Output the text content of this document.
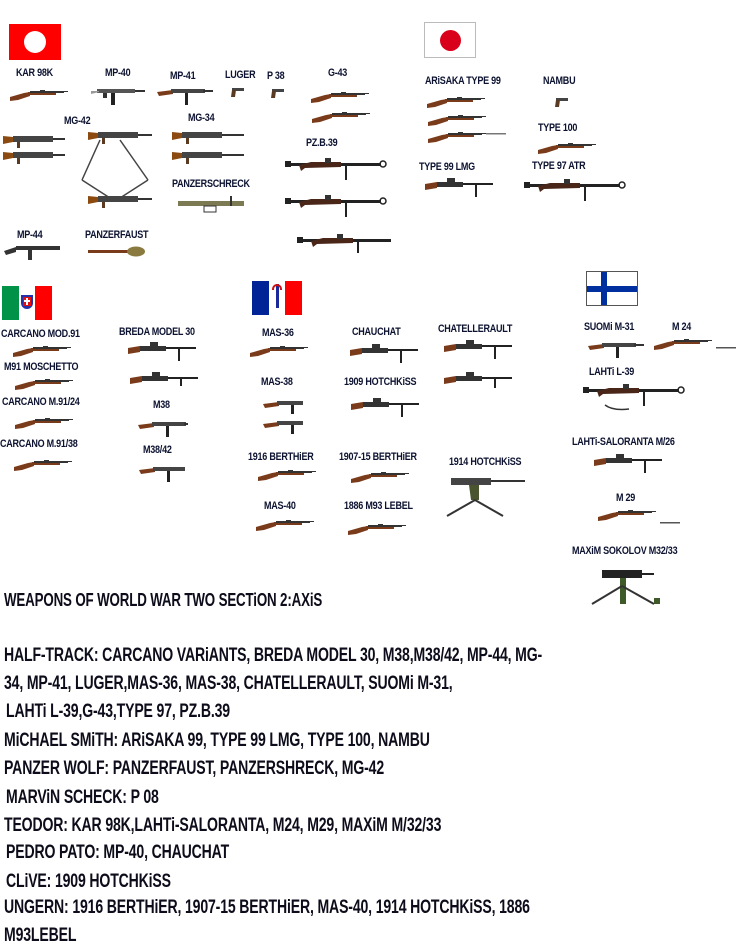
KAR 98K	MP-40	MP-41	LUGER P 38	G-43
MG-42	MG-34
PANZERSCHRECK
PZ.B.39
MP-44	PANZERFAUST
ARiSAKA TYPE 99	NAMBU
TYPE 100
TYPE 99 LMG	TYPE 97 ATR
CARCANO MOD.91
M91 MOSCHETTO
CARCANO M.91/24
CARCANO M.91/38
BREDA MODEL 30
M38
M38/42
MAS-36
MAS-38
CHAUCHAT	CHATELLERAULT
1909 HOTCHKiSS
1916 BERTHiER 1907-15 BERTHiER	1914 HOTCHKiSS
MAS-40	1886 M93 LEBEL
SUOMi M-31	M 24
LAHTi L-39
LAHTi-SALORANTA M/26
M 29
MAXiM SOKOLOV M32/33
WEAPONS OF WORLD WAR TWO SECTiON 2:AXiS
HALF-TRACK: CARCANO VARiANTS, BREDA MODEL 30, M38,M38/42, MP-44, MG-
34, MP-41, LUGER,MAS-36, MAS-38, CHATELLERAULT, SUOMi M-31,
LAHTi L-39,G-43,TYPE 97, PZ.B.39
MiCHAEL SMiTH: ARiSAKA 99, TYPE 99 LMG, TYPE 100, NAMBU
PANZER WOLF: PANZERFAUST, PANZERSHRECK, MG-42
MARViN SCHECK: P 08
TEODOR: KAR 98K,LAHTi-SALORANTA, M24, M29, MAXiM M/32/33
PEDRO PATO: MP-40, CHAUCHAT
CLiVE: 1909 HOTCHKiSS
UNGERN: 1916 BERTHiER, 1907-15 BERTHiER, MAS-40, 1914 HOTCHKiSS, 1886
M93LEBEL
